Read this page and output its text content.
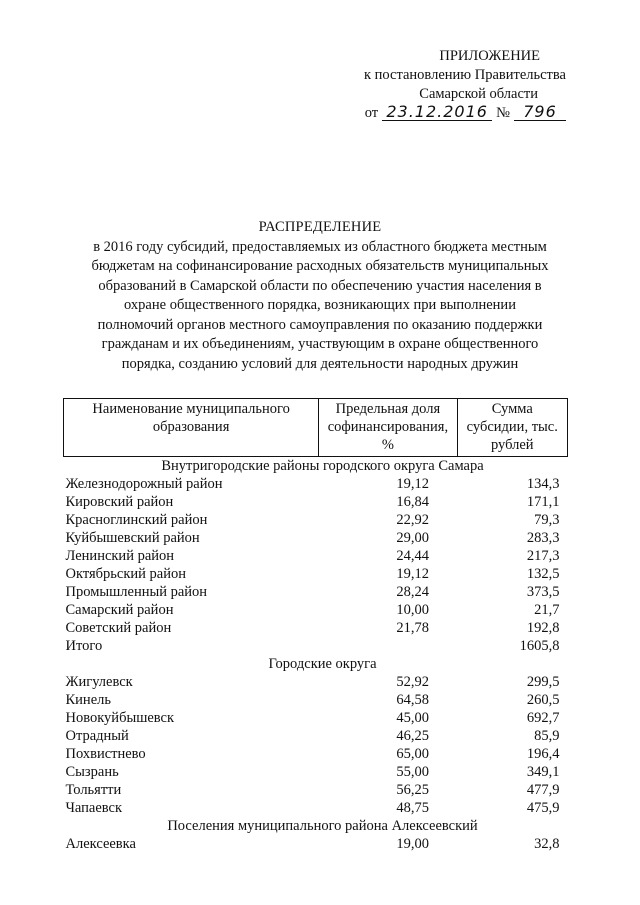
ПРИЛОЖЕНИЕ
к постановлению Правительства
Самарской области
от 23.12.2016 № 796
РАСПРЕДЕЛЕНИЕ
в 2016 году субсидий, предоставляемых из областного бюджета местным
бюджетам на софинансирование расходных обязательств муниципальных
образований в Самарской области по обеспечению участия населения в
охране общественного порядка, возникающих при выполнении
полномочий органов местного самоуправления по оказанию поддержки
гражданам и их объединениям, участвующим в охране общественного
порядка, созданию условий для деятельности народных дружин
Наименование муниципального образования	Предельная доля софинансирования, %	Сумма субсидии, тыс. рублей
Внутригородские районы городского округа Самара		
Железнодорожный район	19,12	134,3
Кировский район	16,84	171,1
Красноглинский район	22,92	79,3
Куйбышевский район	29,00	283,3
Ленинский район	24,44	217,3
Октябрьский район	19,12	132,5
Промышленный район	28,24	373,5
Самарский район	10,00	21,7
Советский район	21,78	192,8
Итого		1605,8
Городские округа		
Жигулевск	52,92	299,5
Кинель	64,58	260,5
Новокуйбышевск	45,00	692,7
Отрадный	46,25	85,9
Похвистнево	65,00	196,4
Сызрань	55,00	349,1
Тольятти	56,25	477,9
Чапаевск	48,75	475,9
Поселения муниципального района Алексеевский		
Алексеевка	19,00	32,8
